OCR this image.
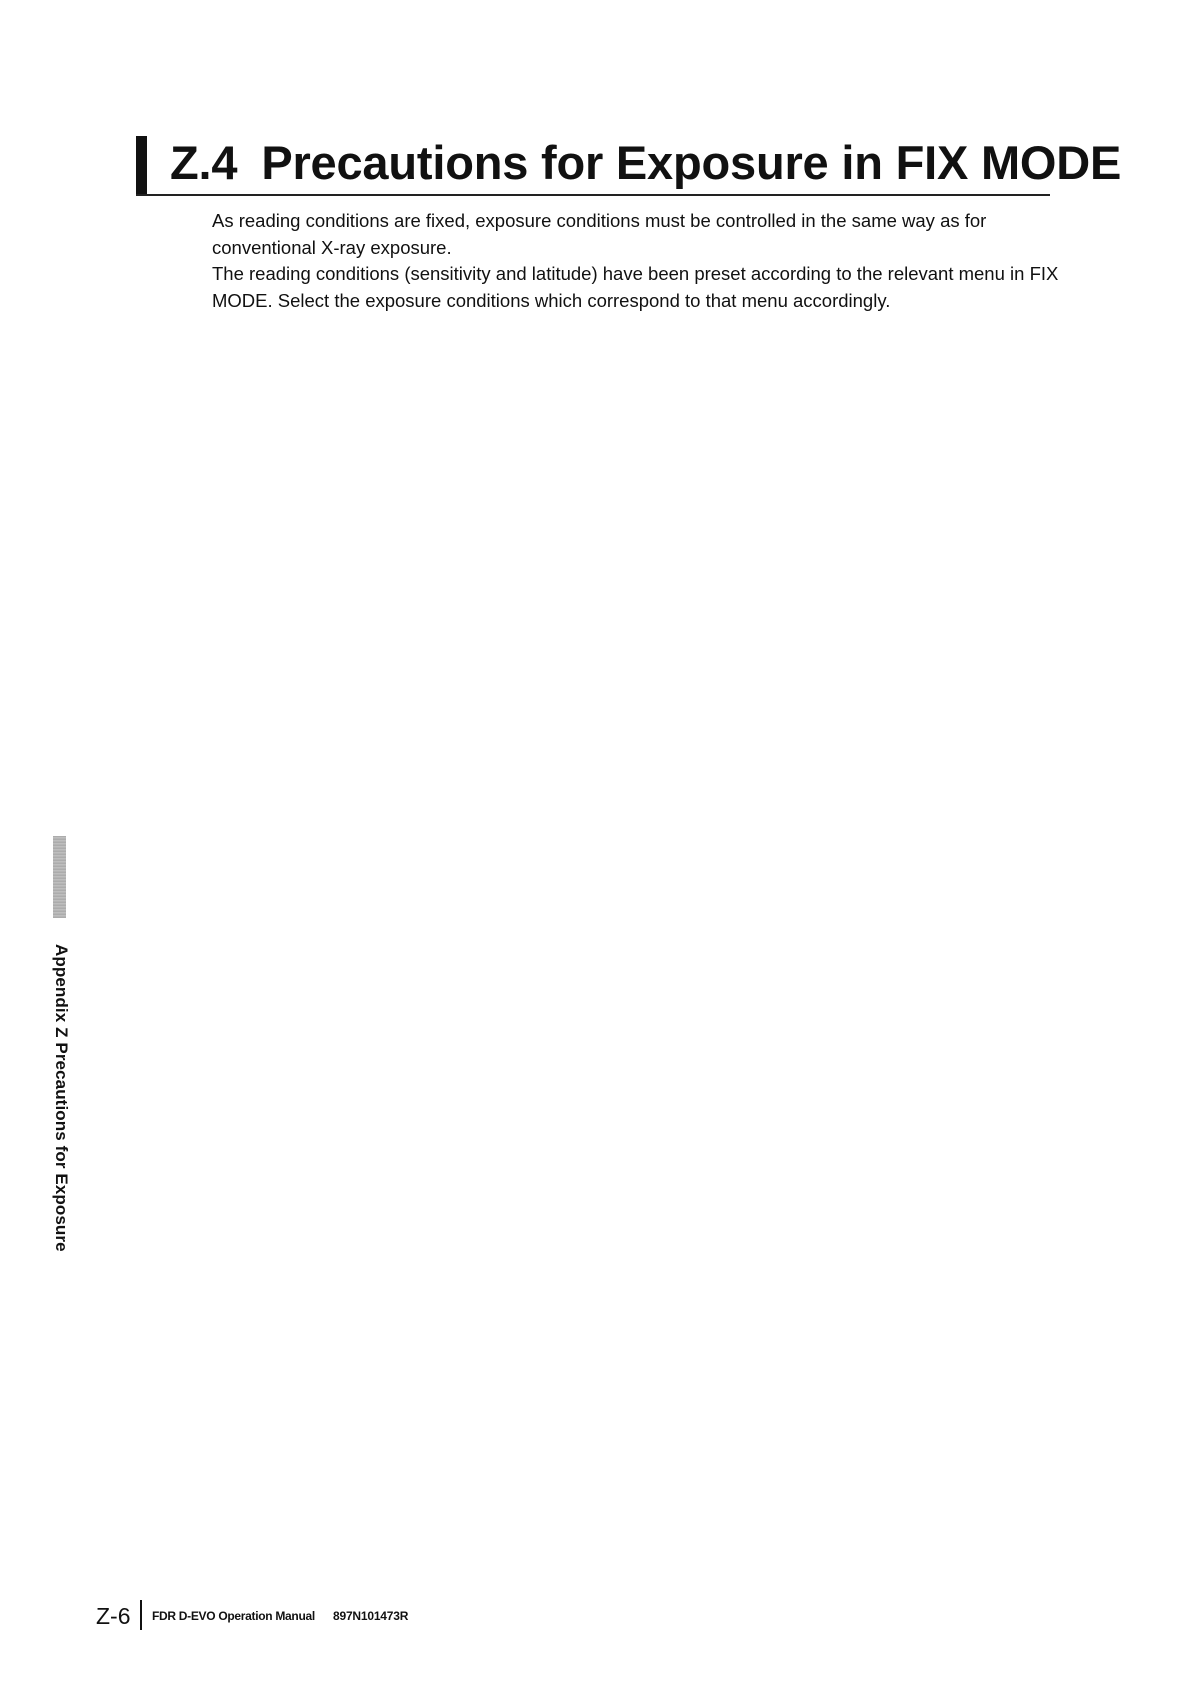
Z.4 Precautions for Exposure in FIX MODE

As reading conditions are fixed, exposure conditions must be controlled in the same way as for conventional X-ray exposure.

The reading conditions (sensitivity and latitude) have been preset according to the relevant menu in FIX MODE. Select the exposure conditions which correspond to that menu accordingly.

Appendix Z Precautions for Exposure
Z-6 FDR D-EVO Operation Manual 897N101473R
